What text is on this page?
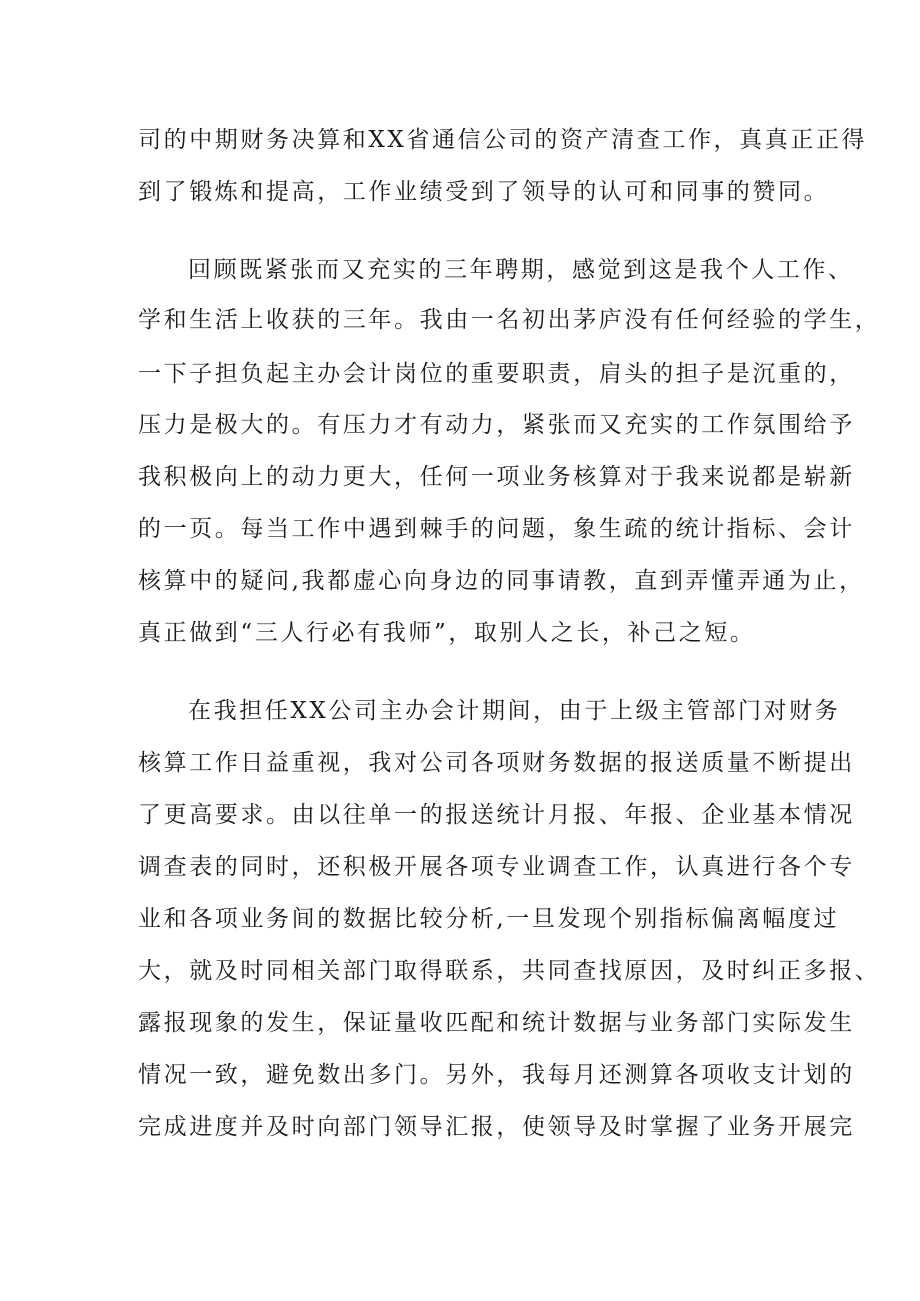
司的中期财务决算和XX省通信公司的资产清查工作，真真正正得
到了锻炼和提高，工作业绩受到了领导的认可和同事的赞同。
回顾既紧张而又充实的三年聘期，感觉到这是我个人工作、
学和生活上收获的三年。我由一名初出茅庐没有任何经验的学生，
一下子担负起主办会计岗位的重要职责，肩头的担子是沉重的，
压力是极大的。有压力才有动力，紧张而又充实的工作氛围给予
我积极向上的动力更大，任何一项业务核算对于我来说都是崭新
的一页。每当工作中遇到棘手的问题，象生疏的统计指标、会计
核算中的疑问,我都虚心向身边的同事请教，直到弄懂弄通为止，
真正做到“三人行必有我师”，取别人之长，补己之短。
在我担任XX公司主办会计期间，由于上级主管部门对财务
核算工作日益重视，我对公司各项财务数据的报送质量不断提出
了更高要求。由以往单一的报送统计月报、年报、企业基本情况
调查表的同时，还积极开展各项专业调查工作，认真进行各个专
业和各项业务间的数据比较分析,一旦发现个别指标偏离幅度过
大，就及时同相关部门取得联系，共同查找原因，及时纠正多报、
露报现象的发生，保证量收匹配和统计数据与业务部门实际发生
情况一致，避免数出多门。另外，我每月还测算各项收支计划的
完成进度并及时向部门领导汇报，使领导及时掌握了业务开展完
